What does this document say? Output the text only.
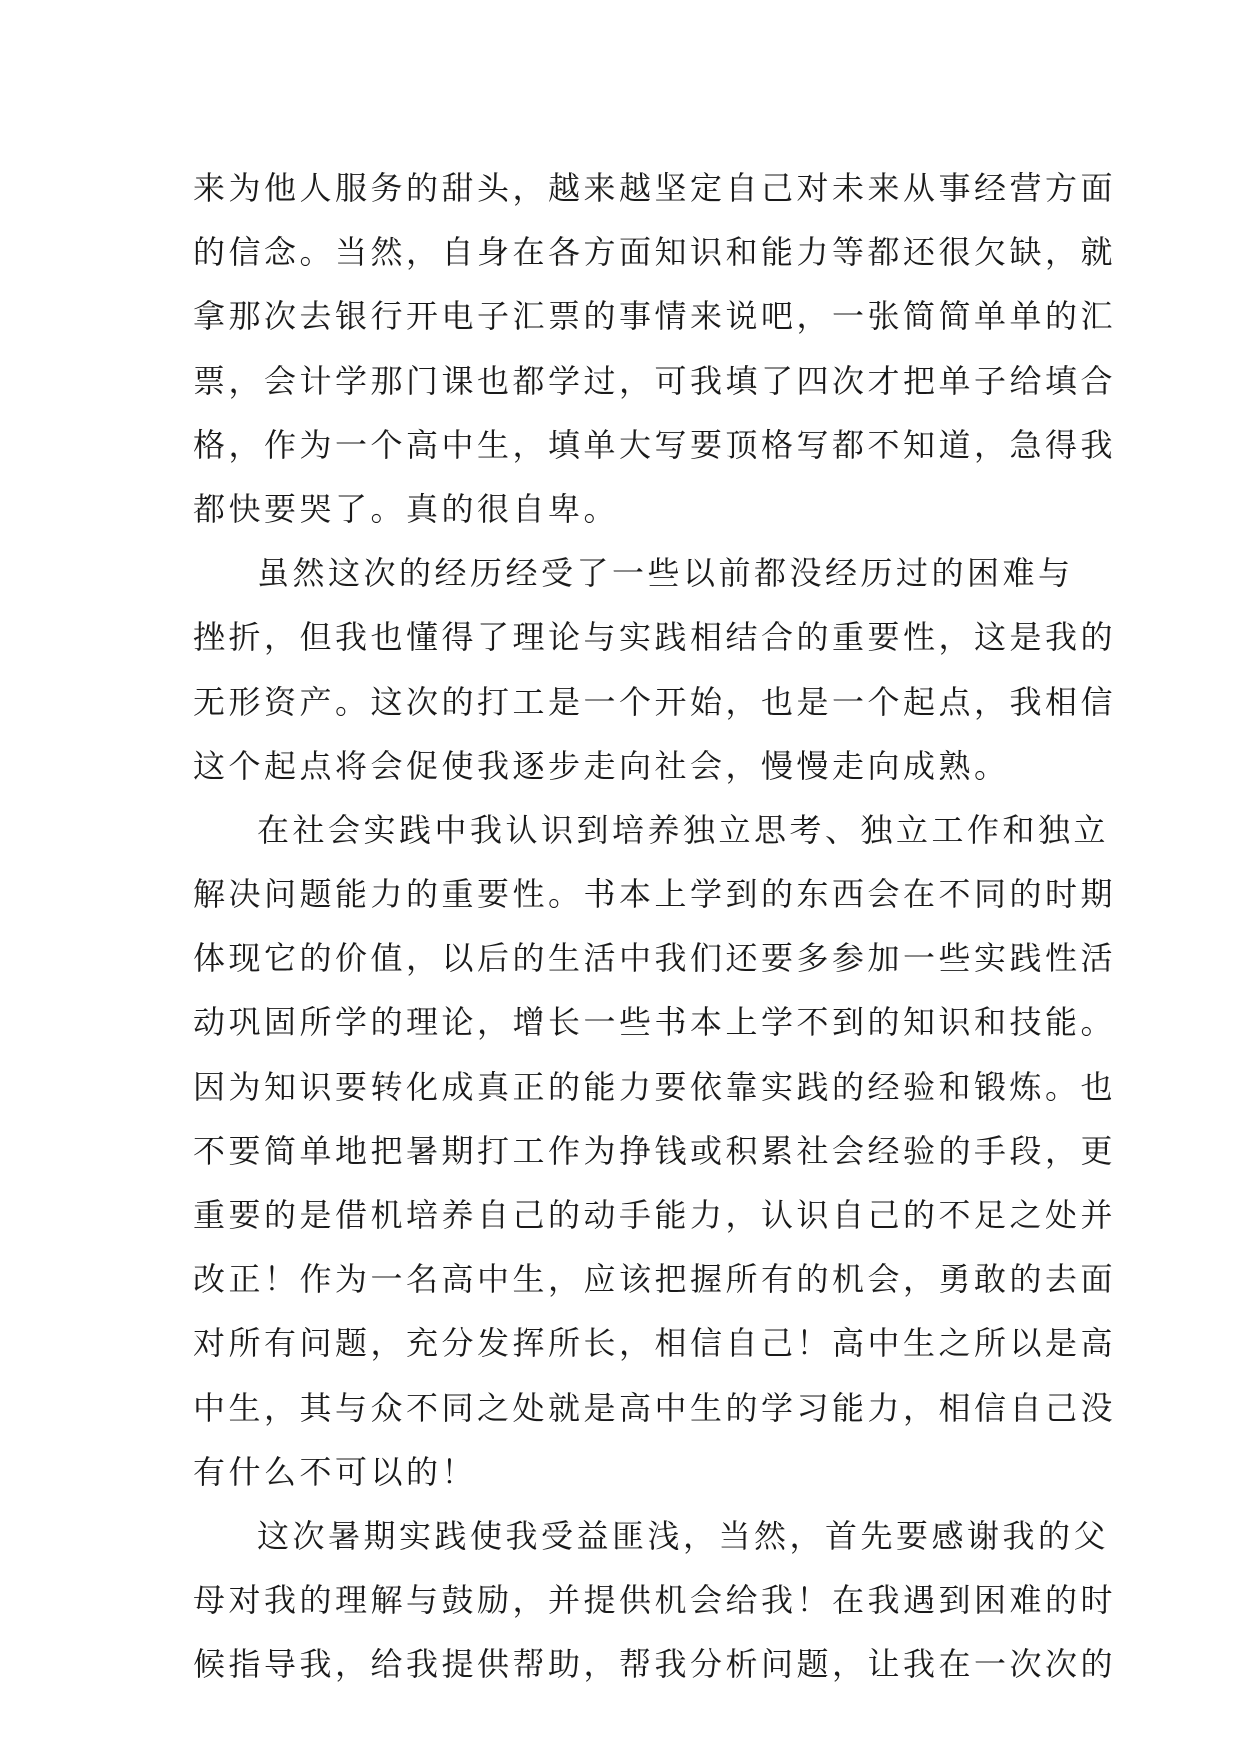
来为他人服务的甜头，越来越坚定自己对未来从事经营方面
的信念。当然，自身在各方面知识和能力等都还很欠缺，就
拿那次去银行开电子汇票的事情来说吧，一张简简单单的汇
票，会计学那门课也都学过，可我填了四次才把单子给填合
格，作为一个高中生，填单大写要顶格写都不知道，急得我
都快要哭了。真的很自卑。
虽然这次的经历经受了一些以前都没经历过的困难与
挫折，但我也懂得了理论与实践相结合的重要性，这是我的
无形资产。这次的打工是一个开始，也是一个起点，我相信
这个起点将会促使我逐步走向社会，慢慢走向成熟。
在社会实践中我认识到培养独立思考、独立工作和独立
解决问题能力的重要性。书本上学到的东西会在不同的时期
体现它的价值，以后的生活中我们还要多参加一些实践性活
动巩固所学的理论，增长一些书本上学不到的知识和技能。
因为知识要转化成真正的能力要依靠实践的经验和锻炼。也
不要简单地把暑期打工作为挣钱或积累社会经验的手段，更
重要的是借机培养自己的动手能力，认识自己的不足之处并
改正！作为一名高中生，应该把握所有的机会，勇敢的去面
对所有问题，充分发挥所长，相信自己！高中生之所以是高
中生，其与众不同之处就是高中生的学习能力，相信自己没
有什么不可以的！
这次暑期实践使我受益匪浅，当然，首先要感谢我的父
母对我的理解与鼓励，并提供机会给我！在我遇到困难的时
候指导我，给我提供帮助，帮我分析问题，让我在一次次的
